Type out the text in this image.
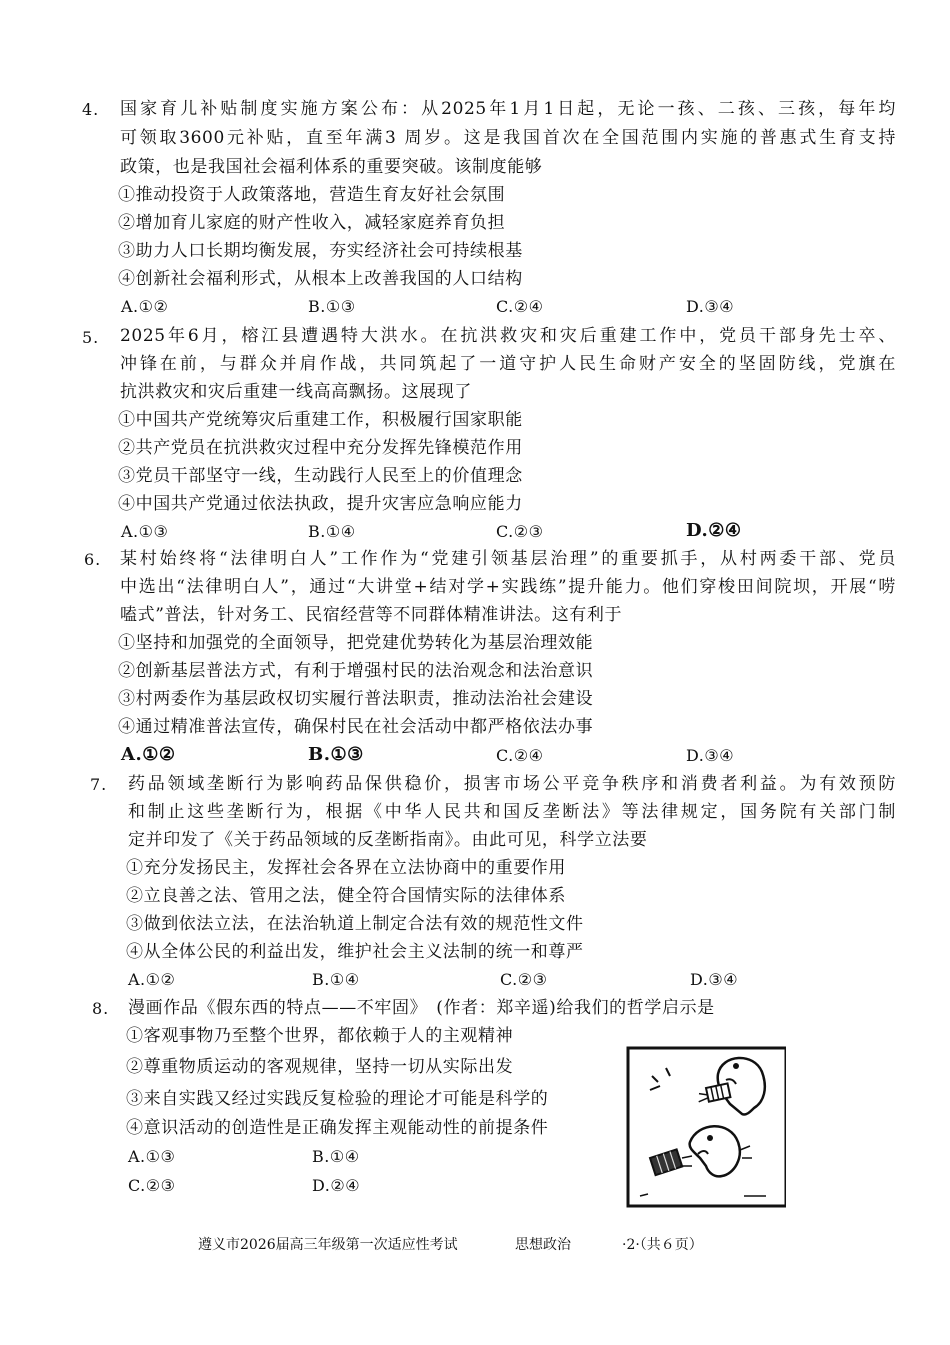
4. 国家育儿补贴制度实施方案公布：从2025年1月1日起，无论一孩、二孩、三孩，每年均
可领取3600元补贴，直至年满3 周岁。这是我国首次在全国范围内实施的普惠式生育支持
政策，也是我国社会福利体系的重要突破。该制度能够
①推动投资于人政策落地，营造生育友好社会氛围
②增加育儿家庭的财产性收入，减轻家庭养育负担
③助力人口长期均衡发展，夯实经济社会可持续根基
④创新社会福利形式，从根本上改善我国的人口结构
A.①②	B.①③	C.②④	D.③④
5. 2025年6月，榕江县遭遇特大洪水。在抗洪救灾和灾后重建工作中，党员干部身先士卒、
冲锋在前，与群众并肩作战，共同筑起了一道守护人民生命财产安全的坚固防线，党旗在
抗洪救灾和灾后重建一线高高飘扬。这展现了
①中国共产党统筹灾后重建工作，积极履行国家职能
②共产党员在抗洪救灾过程中充分发挥先锋模范作用
③党员干部坚守一线，生动践行人民至上的价值理念
④中国共产党通过依法执政，提升灾害应急响应能力
A.①③	B.①④	C.②③	D.②④
6. 某村始终将“法律明白人”工作作为“党建引领基层治理”的重要抓手，从村两委干部、党员
中选出“法律明白人”，通过“大讲堂+结对学+实践练”提升能力。他们穿梭田间院坝，开展“唠
嗑式”普法，针对务工、民宿经营等不同群体精准讲法。这有利于
①坚持和加强党的全面领导，把党建优势转化为基层治理效能
②创新基层普法方式，有利于增强村民的法治观念和法治意识
③村两委作为基层政权切实履行普法职责，推动法治社会建设
④通过精准普法宣传，确保村民在社会活动中都严格依法办事
A.①②	B.①③	C.②④	D.③④
7. 药品领域垄断行为影响药品保供稳价，损害市场公平竞争秩序和消费者利益。为有效预防
和制止这些垄断行为，根据《中华人民共和国反垄断法》等法律规定，国务院有关部门制
定并印发了《关于药品领域的反垄断指南》。由此可见，科学立法要
①充分发扬民主，发挥社会各界在立法协商中的重要作用
②立良善之法、管用之法，健全符合国情实际的法律体系
③做到依法立法，在法治轨道上制定合法有效的规范性文件
④从全体公民的利益出发，维护社会主义法制的统一和尊严
A.①②	B.①④	C.②③	D.③④
8. 漫画作品《假东西的特点——不牢固》　(作者：郑辛遥)给我们的哲学启示是
①客观事物乃至整个世界，都依赖于人的主观精神
②尊重物质运动的客观规律，坚持一切从实际出发
③来自实践又经过实践反复检验的理论才可能是科学的
④意识活动的创造性是正确发挥主观能动性的前提条件
A.①③	B.①④
C.②③	D.②④
遵义市2026届高三年级第一次适应性考试	思想政治	·2·（共６页）
